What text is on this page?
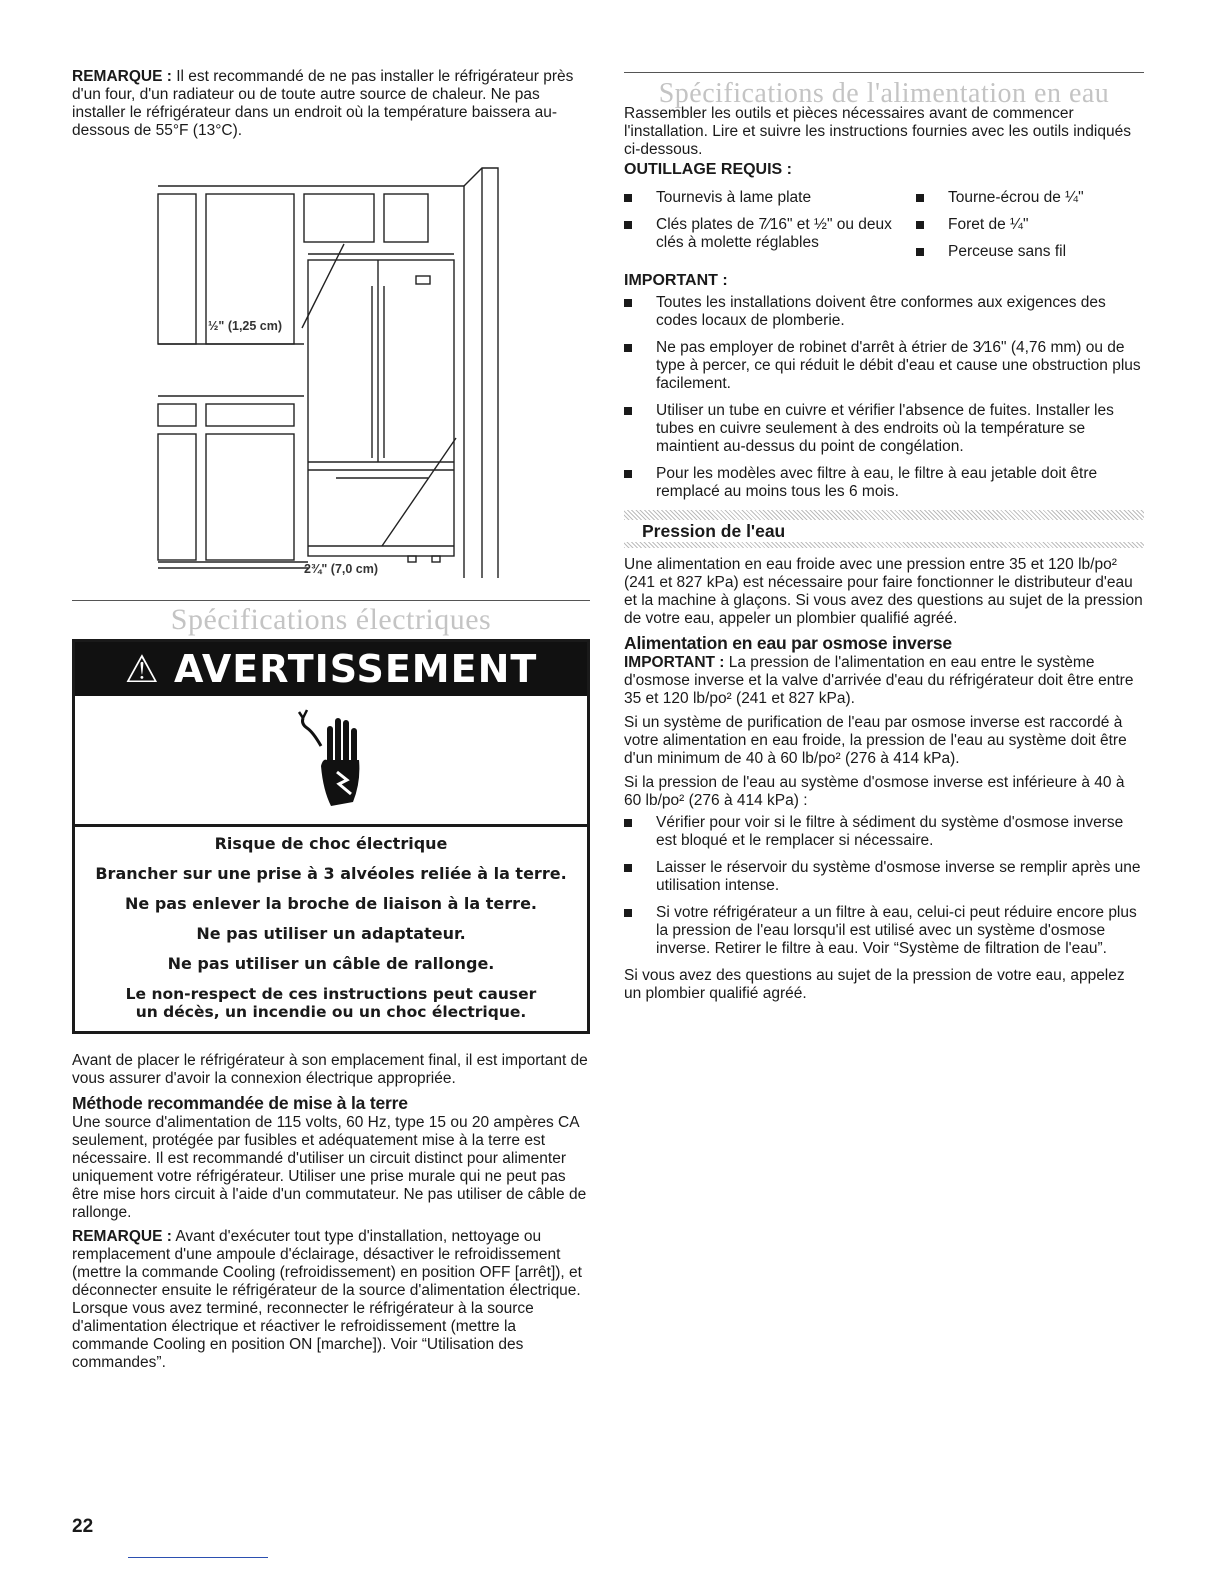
REMARQUE : Il est recommandé de ne pas installer le réfrigérateur près d'un four, d'un radiateur ou de toute autre source de chaleur. Ne pas installer le réfrigérateur dans un endroit où la température baissera au-dessous de 55°F (13°C).

½" (1,25 cm)
2¾" (7,0 cm)
Spécifications électriques
⚠ AVERTISSEMENT

Risque de choc électrique

Brancher sur une prise à 3 alvéoles reliée à la terre.

Ne pas enlever la broche de liaison à la terre.

Ne pas utiliser un adaptateur.

Ne pas utiliser un câble de rallonge.

Le non-respect de ces instructions peut causer
un décès, un incendie ou un choc électrique.

Avant de placer le réfrigérateur à son emplacement final, il est important de vous assurer d'avoir la connexion électrique appropriée.

Méthode recommandée de mise à la terre

Une source d'alimentation de 115 volts, 60 Hz, type 15 ou 20 ampères CA seulement, protégée par fusibles et adéquatement mise à la terre est nécessaire. Il est recommandé d'utiliser un circuit distinct pour alimenter uniquement votre réfrigérateur. Utiliser une prise murale qui ne peut pas être mise hors circuit à l'aide d'un commutateur. Ne pas utiliser de câble de rallonge.

REMARQUE : Avant d'exécuter tout type d'installation, nettoyage ou remplacement d'une ampoule d'éclairage, désactiver le refroidissement (mettre la commande Cooling (refroidissement) en position OFF [arrêt]), et déconnecter ensuite le réfrigérateur de la source d'alimentation électrique. Lorsque vous avez terminé, reconnecter le réfrigérateur à la source d'alimentation électrique et réactiver le refroidissement (mettre la commande Cooling en position ON [marche]). Voir “Utilisation des commandes”.

Spécifications de l'alimentation en eau

Rassembler les outils et pièces nécessaires avant de commencer l'installation. Lire et suivre les instructions fournies avec les outils indiqués ci-dessous.

OUTILLAGE REQUIS :
Tournevis à lame plate
Clés plates de 7⁄16" et ½" ou deux clés à molette réglables
Tourne-écrou de ¼"
Foret de ¼"
Perceuse sans fil
IMPORTANT :
Toutes les installations doivent être conformes aux exigences des codes locaux de plomberie.
Ne pas employer de robinet d'arrêt à étrier de 3⁄16" (4,76 mm) ou de type à percer, ce qui réduit le débit d'eau et cause une obstruction plus facilement.
Utiliser un tube en cuivre et vérifier l'absence de fuites. Installer les tubes en cuivre seulement à des endroits où la température se maintient au-dessus du point de congélation.
Pour les modèles avec filtre à eau, le filtre à eau jetable doit être remplacé au moins tous les 6 mois.
Pression de l'eau

Une alimentation en eau froide avec une pression entre 35 et 120 lb/po² (241 et 827 kPa) est nécessaire pour faire fonctionner le distributeur d'eau et la machine à glaçons. Si vous avez des questions au sujet de la pression de votre eau, appeler un plombier qualifié agréé.

Alimentation en eau par osmose inverse

IMPORTANT : La pression de l'alimentation en eau entre le système d'osmose inverse et la valve d'arrivée d'eau du réfrigérateur doit être entre 35 et 120 lb/po² (241 et 827 kPa).

Si un système de purification de l'eau par osmose inverse est raccordé à votre alimentation en eau froide, la pression de l'eau au système doit être d'un minimum de 40 à 60 lb/po² (276 à 414 kPa).

Si la pression de l'eau au système d'osmose inverse est inférieure à 40 à 60 lb/po² (276 à 414 kPa) :

Vérifier pour voir si le filtre à sédiment du système d'osmose inverse est bloqué et le remplacer si nécessaire.
Laisser le réservoir du système d'osmose inverse se remplir après une utilisation intense.
Si votre réfrigérateur a un filtre à eau, celui-ci peut réduire encore plus la pression de l'eau lorsqu'il est utilisé avec un système d'osmose inverse. Retirer le filtre à eau. Voir “Système de filtration de l'eau”.

Si vous avez des questions au sujet de la pression de votre eau, appelez un plombier qualifié agréé.

22
